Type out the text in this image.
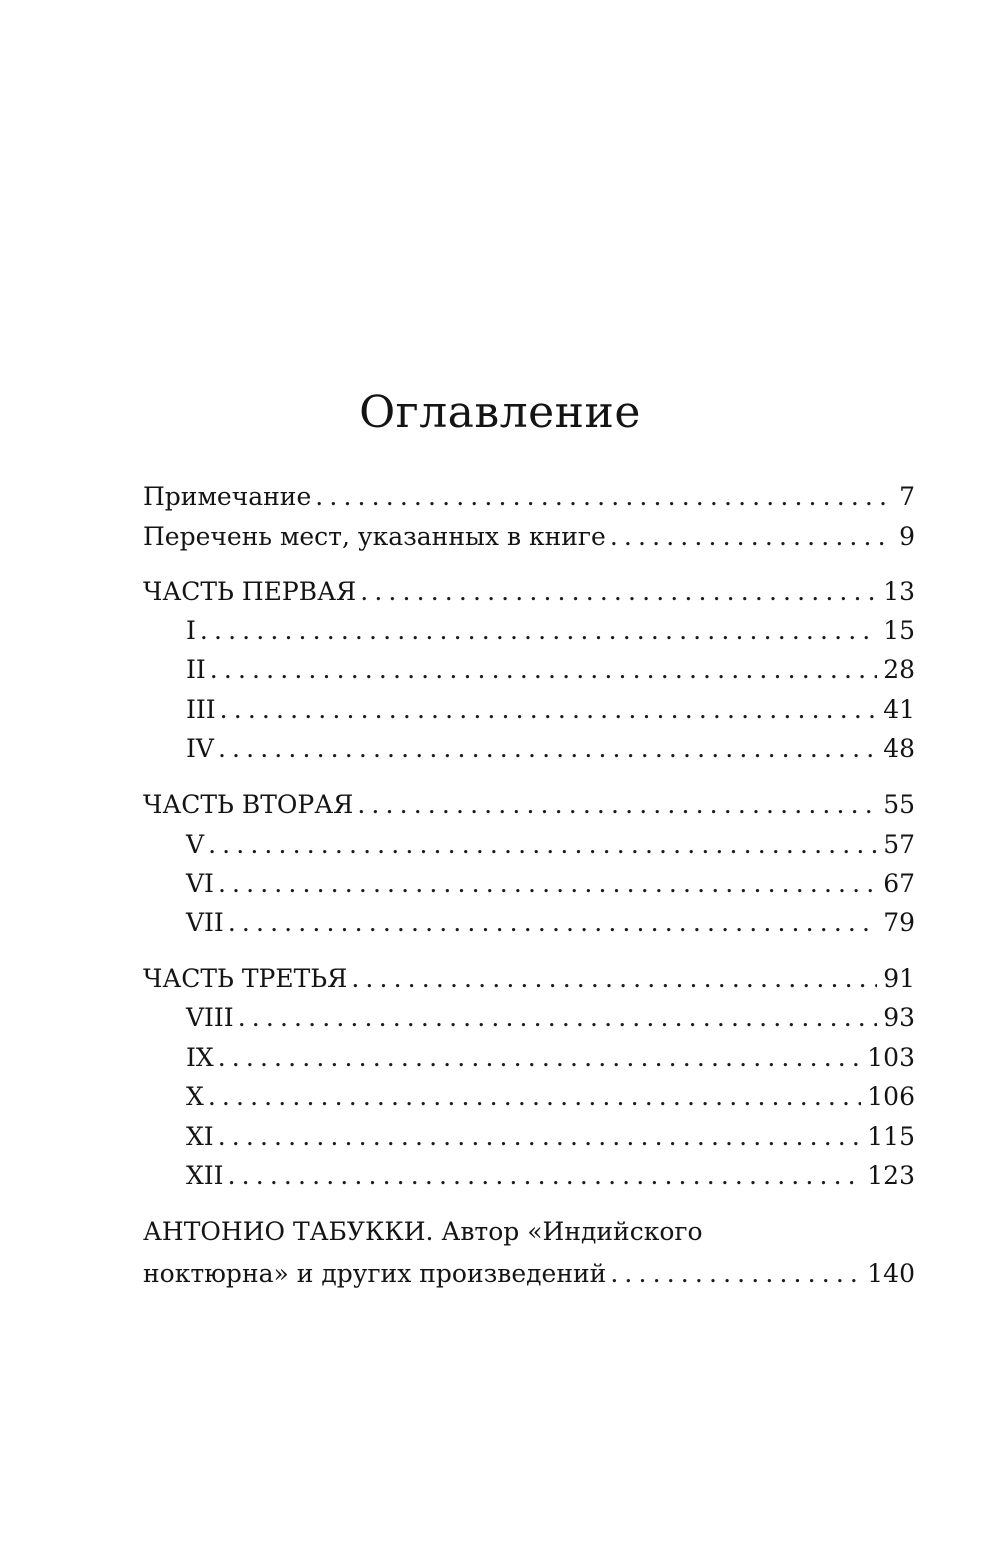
Оглавление
Примечание . . .	7
Перечень мест, указанных в книге . . .	9
ЧАСТЬ ПЕРВАЯ . . .	13
I . . .	15
II . . .	28
III . . .	41
IV . . .	48
ЧАСТЬ ВТОРАЯ . . .	55
V . . .	57
VI . . .	67
VII . . .	79
ЧАСТЬ ТРЕТЬЯ . . .	91
VIII . . .	93
IX . . .	103
X . . .	106
XI . . .	115
XII . . .	123
АНТОНИО ТАБУККИ. Автор «Индийского
ноктюрна» и других произведений . . .	140
